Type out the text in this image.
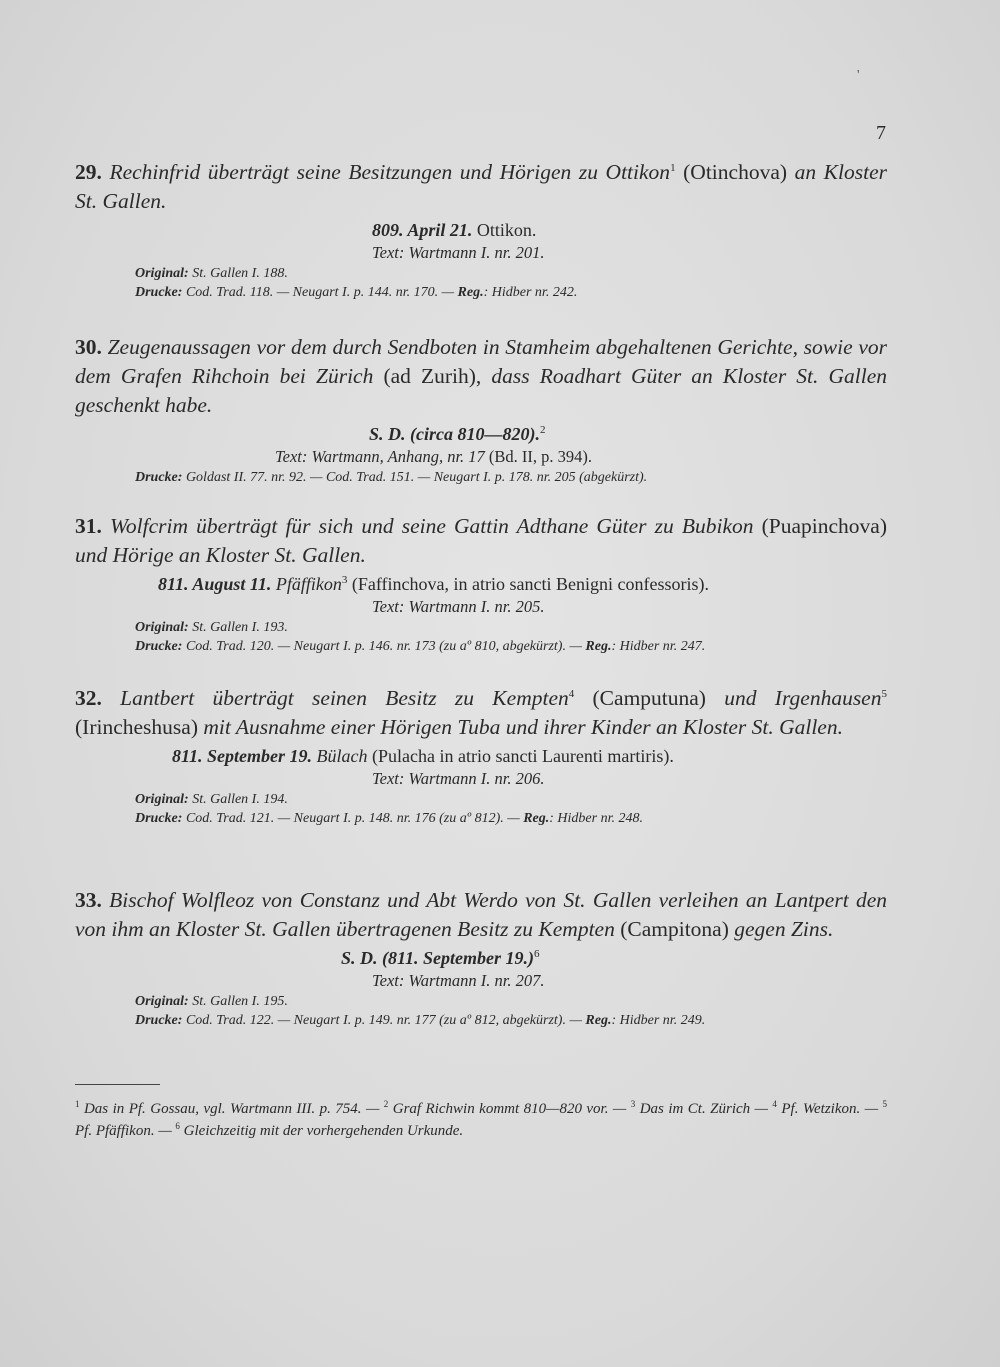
7

29. Rechinfrid überträgt seine Besitzungen und Hörigen zu Ottikon$^1$ (Otinchova) an Kloster St. Gallen.

809. April 21. Ottikon.

Text: Wartmann I. nr. 201.

Original: St. Gallen I. 188.

Drucke: Cod. Trad. 118. — Neugart I. p. 144. nr. 170. — Reg.: Hidber nr. 242.

30. Zeugenaussagen vor dem durch Sendboten in Stamheim abgehaltenen Gerichte, sowie vor dem Grafen Rihchoin bei Zürich (ad Zurih), dass Roadhart Güter an Kloster St. Gallen geschenkt habe.

S. D. (circa 810—820).$^2$

Text: Wartmann, Anhang, nr. 17 (Bd. II, p. 394).

Drucke: Goldast II. 77. nr. 92. — Cod. Trad. 151. — Neugart I. p. 178. nr. 205 (abgekürzt).

31. Wolfcrim überträgt für sich und seine Gattin Adthane Güter zu Bubikon (Puapinchova) und Hörige an Kloster St. Gallen.

811. August 11. Pfäffikon$^3$ (Faffinchova, in atrio sancti Benigni confessoris).

Text: Wartmann I. nr. 205.

Original: St. Gallen I. 193.

Drucke: Cod. Trad. 120. — Neugart I. p. 146. nr. 173 (zu aº 810, abgekürzt). — Reg.: Hidber nr. 247.

32. Lantbert überträgt seinen Besitz zu Kempten$^4$ (Camputuna) und Irgenhausen$^5$ (Irincheshusa) mit Ausnahme einer Hörigen Tuba und ihrer Kinder an Kloster St. Gallen.

811. September 19. Bülach (Pulacha in atrio sancti Laurenti martiris).

Text: Wartmann I. nr. 206.

Original: St. Gallen I. 194.

Drucke: Cod. Trad. 121. — Neugart I. p. 148. nr. 176 (zu aº 812). — Reg.: Hidber nr. 248.

33. Bischof Wolfleoz von Constanz und Abt Werdo von St. Gallen verleihen an Lantpert den von ihm an Kloster St. Gallen übertragenen Besitz zu Kempten (Campitona) gegen Zins.

S. D. (811. September 19.)$^6$

Text: Wartmann I. nr. 207.

Original: St. Gallen I. 195.

Drucke: Cod. Trad. 122. — Neugart I. p. 149. nr. 177 (zu aº 812, abgekürzt). — Reg.: Hidber nr. 249.

$^1$ Das in Pf. Gossau, vgl. Wartmann III. p. 754. — $^2$ Graf Richwin kommt 810—820 vor. — $^3$ Das im Ct. Zürich — $^4$ Pf. Wetzikon. — $^5$ Pf. Pfäffikon. — $^6$ Gleichzeitig mit der vorhergehenden Urkunde.
'
